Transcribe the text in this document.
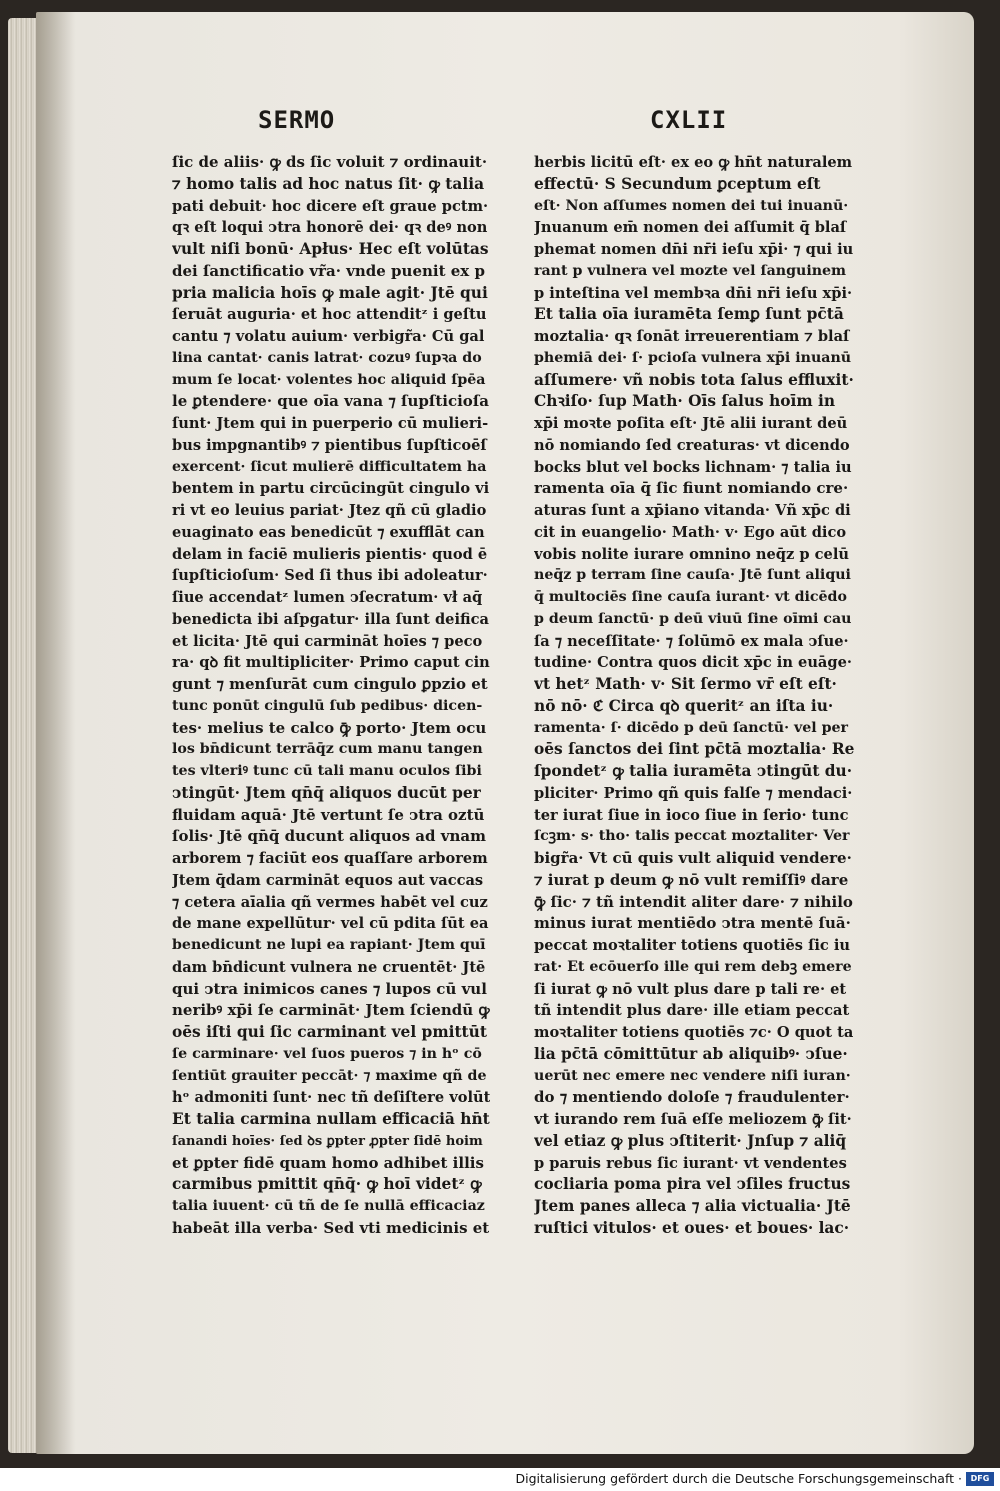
SERMO	CXLII
ſic de aliis· ꝙ ds ſic voluit ⁊ ordinauit·
⁊ homo talis ad hoc natus ſit· ꝙ talia
pati debuit· hoc dicere eſt graue pctm·
qꝛ eſt loqui ↄtra honorē dei· qꝛ deꝰ non
vult niſi bonū· Apłus· Hec eſt volūtas
dei ſanctificatio vr̃a· vnde puenit ex p
pria malicia hoīs ꝙ male agit· Jtē qui
ſeruāt auguria· et hoc attenditᶻ i geſtu
cantu ⁊ volatu auium· verbigr̃a· Cū gal
lina cantat· canis latrat· cozuꝰ ſupꝛa do
mum ſe locat· volentes hoc aliquid ſpēa
le ꝑtendere· que oīa vana ⁊ ſupſticioſa
ſunt· Jtem qui in puerperio cū mulieri-
bus impgnantibꝰ ⁊ pientibus ſupſticoēſ
exercent· ſicut mulierē difficultatem ha
bentem in partu circūcingūt cingulo vi
ri vt eo leuius pariat· Jtez qñ cū gladio
euaginato eas benedicūt ⁊ exufflāt can
delam in faciē mulieris pientis· quod ē
ſupſticioſum· Sed ſi thus ibi adoleatur·
ſiue accendatᶻ lumen ↄſecratum· vł aq̄
benedicta ibi aſpgatur· illa ſunt deifica
et licita· Jtē qui carmināt hoīes ⁊ peco
ra· qꝺ fit multipliciter· Primo caput cin
gunt ⁊ menſurāt cum cingulo ꝑpzio et
tunc ponūt cingulū ſub pedibus· dicen-
tes· melius te calco ꝙ̄ porto· Jtem ocu
los bn̄dicunt terrāq̄z cum manu tangen
tes vlteriꝰ tunc cū tali manu oculos ſibi
ↄtingūt· Jtem qn̄q̄ aliquos ducūt per
fluidam aquā· Jtē vertunt ſe ↄtra oztū
ſolis· Jtē qn̄q̄ ducunt aliquos ad vnam
arborem ⁊ faciūt eos quaſſare arborem
Jtem q̄dam carmināt equos aut vaccas
⁊ cetera aīalia qñ vermes habēt vel cuz
de mane expellūtur· vel cū pdita ſūt ea
benedicunt ne lupi ea rapiant· Jtem quī
dam bn̄dicunt vulnera ne cruentēt· Jtē
qui ↄtra inimicos canes ⁊ lupos cū vul
neribꝰ xp̄i ſe carmināt· Jtem ſciendū ꝙ
oēs iſti qui ſic carminant vel pmittūt
ſe carminare· vel ſuos pueros ⁊ in hᵒ cō
ſentiūt grauiter peccāt· ⁊ maxime qñ de
hᵒ admoniti ſunt· nec tñ deſiſtere volūt
Et talia carmina nullam efficaciā hn̄t
ſanandi hoīes· ſed ꝺs ꝑpter ꝓpter ſidē hoim
et ꝑpter fidē quam homo adhibet illis
carmibus pmittit qn̄q̄· ꝙ hoī videtᶻ ꝙ
talia iuuent· cū tñ de ſe nullā efficaciaz
habeāt illa verba· Sed vti medicinis et
herbis licitū eſt· ex eo ꝙ hn̄t naturalem
effectū· S Secundum ꝑceptum eſt
eſt· Non aſſumes nomen dei tui inuanū·
Jnuanum em̄ nomen dei aſſumit q̄ blaſ
phemat nomen dn̄i nr̄i ieſu xp̄i· ⁊ qui iu
rant p vulnera vel mozte vel ſanguinem
p inteſtina vel membꝛa dn̄i nr̄i ieſu xp̄i·
Et talia oīa iuramēta ſemꝑ ſunt pc̄tā
moztalia· qꝛ ſonāt irreuerentiam ⁊ blaſ
phemiā dei· ſ· pcioſa vulnera xp̄i inuanū
aſſumere· vñ nobis tota ſalus effluxit·
Chꝛiſo· ſup Math· Oīs ſalus hoīm in
xp̄i moꝛte poſita eſt· Jtē alii iurant deū
nō nomiando ſed creaturas· vt dicendo
bocks blut vel bocks lichnam· ⁊ talia iu
ramenta oīa q̄ ſic fiunt nomiando cre·
aturas ſunt a xp̄iano vitanda· Vñ xp̄c di
cit in euangelio· Math· v· Ego aūt dico
vobis nolite iurare omnino neq̄z p celū
neq̄z p terram ſine cauſa· Jtē ſunt aliqui
q̄ multociēs ſine cauſa iurant· vt dicēdo
p deum ſanctū· p deū viuū ſine oīmi cau
ſa ⁊ neceſſitate· ⁊ ſolūmō ex mala ↄſue·
tudine· Contra quos dicit xp̄c in euāge·
vt hetᶻ Math· v· Sit ſermo vr̄ eſt eſt·
nō nō· ℭ Circa qꝺ queritᶻ an iſta iu·
ramenta· ſ· dicēdo p deū ſanctū· vel per
oēs ſanctos dei ſint pc̄tā moztalia· Re
ſpondetᶻ ꝙ talia iuramēta ↄtingūt du·
pliciter· Primo qñ quis falſe ⁊ mendaci·
ter iurat ſiue in ioco ſiue in ſerio· tunc
ſcꝫm· s· tho· talis peccat moztaliter· Ver
bigr̃a· Vt cū quis vult aliquid vendere·
⁊ iurat p deum ꝙ nō vult remiſſiꝰ dare
ꝙ̄ ſic· ⁊ tñ intendit aliter dare· ⁊ nihilo
minus iurat mentiēdo ↄtra mentē ſuā·
peccat moꝛtaliter totiens quotiēs ſic iu
rat· Et ecōuerſo ille qui rem debꝫ emere
ſi iurat ꝙ nō vult plus dare p tali re· et
tñ intendit plus dare· ille etiam peccat
moꝛtaliter totiens quotiēs ⁊c· O quot ta
lia pc̄tā cōmittūtur ab aliquibꝰ· ↄſue·
uerūt nec emere nec vendere niſi iuran·
do ⁊ mentiendo doloſe ⁊ fraudulenter·
vt iurando rem ſuā eſſe meliozem ꝙ̄ ſit·
vel etiaz ꝙ plus ↄſtiterit· Jnſup ⁊ aliq̄
p paruis rebus ſic iurant· vt vendentes
cocliaria poma pira vel ↄſiles fructus
Jtem panes alleca ⁊ alia victualia· Jtē
ruſtici vitulos· et oues· et boues· lac·
Digitalisierung gefördert durch die Deutsche Forschungsgemeinschaft ·	DFG
